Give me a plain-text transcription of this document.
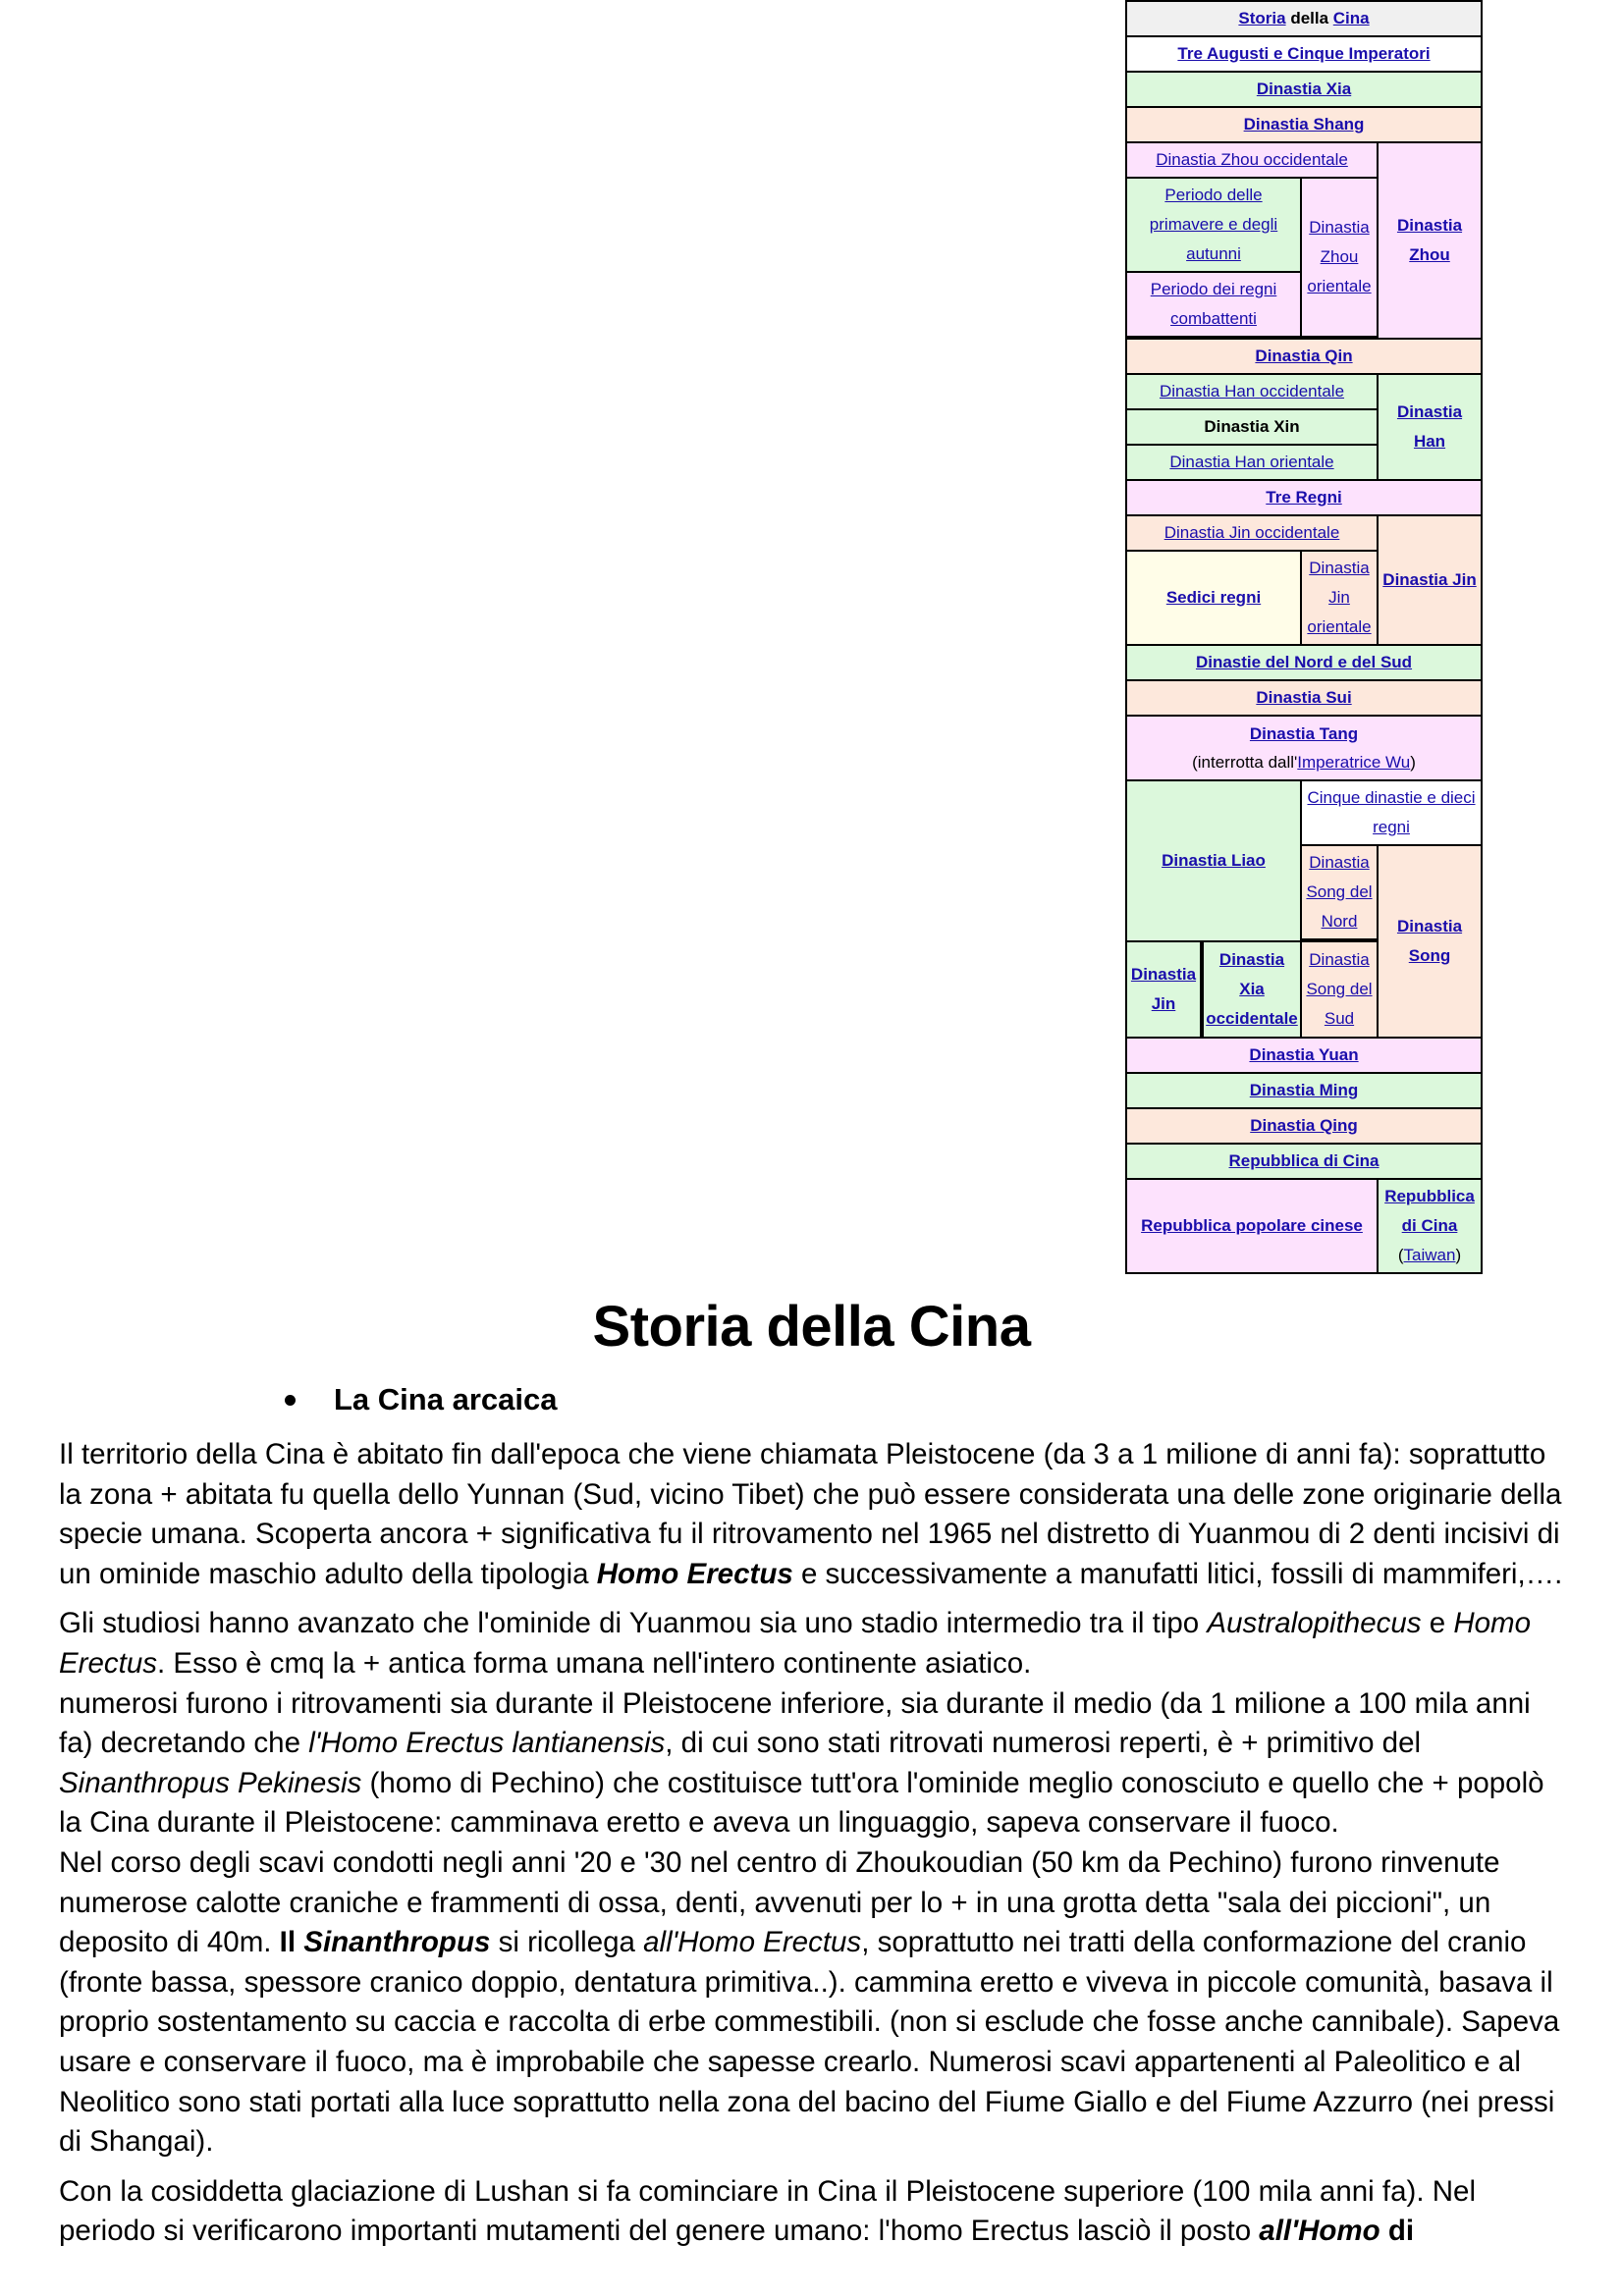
Storia della Cina			
Tre Augusti e Cinque Imperatori			
Dinastia Xia			
Dinastia Shang			
Dinastia Zhou occidentale			Dinastia Zhou
Periodo delle primavere e degli autunni		Dinastia Zhou orientale	
Periodo dei regni combattenti			

Dinastia Qin			
Dinastia Han occidentale			Dinastia Han
Dinastia Xin			
Dinastia Han orientale			
Tre Regni			
Dinastia Jin occidentale			Dinastia Jin
Sedici regni		Dinastia Jin orientale	
Dinastie del Nord e del Sud			
Dinastia Sui			
Dinastia Tang
(interrotta dall'Imperatrice Wu)			
Dinastia Liao		Cinque dinastie e dieci regni	
		Dinastia Song del Nord	Dinastia Song

Dinastia Jin	Dinastia Xia occidentale	Dinastia Song del Sud	
Dinastia Yuan			
Dinastia Ming			
Dinastia Qing			
Repubblica di Cina			
Repubblica popolare cinese			Repubblica di Cina
(Taiwan)
Storia della Cina
La Cina arcaica

Il territorio della Cina è abitato fin dall'epoca che viene chiamata Pleistocene (da 3 a 1 milione di anni fa): soprattutto la zona + abitata fu quella dello Yunnan (Sud, vicino Tibet) che può essere considerata una delle zone originarie della specie umana. Scoperta ancora + significativa fu il ritrovamento nel 1965 nel distretto di Yuanmou di 2 denti incisivi di un ominide maschio adulto della tipologia Homo Erectus e successivamente a manufatti litici, fossili di mammiferi,….

Gli studiosi hanno avanzato che l'ominide di Yuanmou sia uno stadio intermedio tra il tipo Australopithecus e Homo Erectus. Esso è cmq la + antica forma umana nell'intero continente asiatico.

numerosi furono i ritrovamenti sia durante il Pleistocene inferiore, sia durante il medio (da 1 milione a 100 mila anni fa) decretando che l'Homo Erectus lantianensis, di cui sono stati ritrovati numerosi reperti, è + primitivo del Sinanthropus Pekinesis (homo di Pechino) che costituisce tutt'ora l'ominide meglio conosciuto e quello che + popolò la Cina durante il Pleistocene: camminava eretto e aveva un linguaggio, sapeva conservare il fuoco.

Nel corso degli scavi condotti negli anni '20 e '30 nel centro di Zhoukoudian (50 km da Pechino) furono rinvenute numerose calotte craniche e frammenti di ossa, denti, avvenuti per lo + in una grotta detta "sala dei piccioni", un deposito di 40m. Il Sinanthropus si ricollega all'Homo Erectus, soprattutto nei tratti della conformazione del cranio (fronte bassa, spessore cranico doppio, dentatura primitiva..). cammina eretto e viveva in piccole comunità, basava il proprio sostentamento su caccia e raccolta di erbe commestibili. (non si esclude che fosse anche cannibale). Sapeva usare e conservare il fuoco, ma è improbabile che sapesse crearlo. Numerosi scavi appartenenti al Paleolitico e al Neolitico sono stati portati alla luce soprattutto nella zona del bacino del Fiume Giallo e del Fiume Azzurro (nei pressi di Shangai).

Con la cosiddetta glaciazione di Lushan si fa cominciare in Cina il Pleistocene superiore (100 mila anni fa). Nel periodo si verificarono importanti mutamenti del genere umano: l'homo Erectus lasciò il posto all'Homo di
